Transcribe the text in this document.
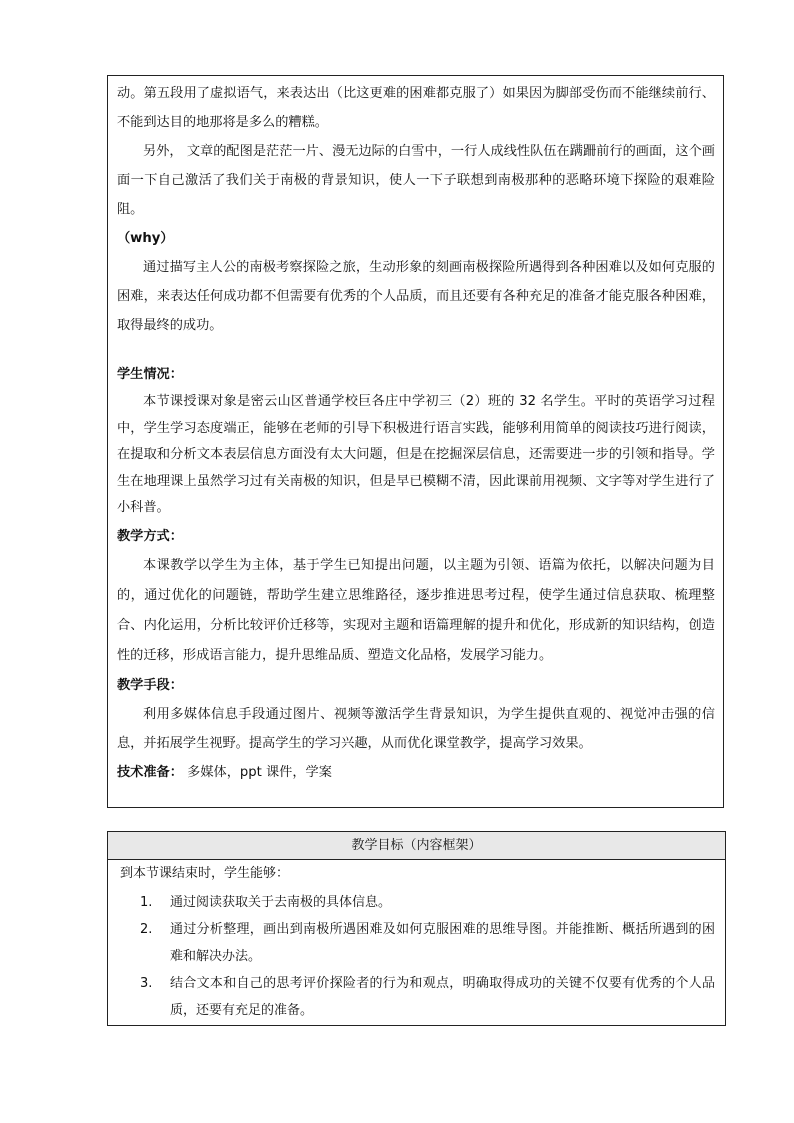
动。第五段用了虚拟语气，来表达出（比这更难的困难都克服了）如果因为脚部受伤而不能继续前行、不能到达目的地那将是多么的糟糕。

另外， 文章的配图是茫茫一片、漫无边际的白雪中，一行人成线性队伍在蹒跚前行的画面，这个画面一下自己激活了我们关于南极的背景知识，使人一下子联想到南极那种的恶略环境下探险的艰难险阻。

（why）

通过描写主人公的南极考察探险之旅，生动形象的刻画南极探险所遇得到各种困难以及如何克服的困难，来表达任何成功都不但需要有优秀的个人品质，而且还要有各种充足的准备才能克服各种困难，取得最终的成功。

学生情况：

本节课授课对象是密云山区普通学校巨各庄中学初三（2）班的 32 名学生。平时的英语学习过程中，学生学习态度端正，能够在老师的引导下积极进行语言实践，能够利用简单的阅读技巧进行阅读，在提取和分析文本表层信息方面没有太大问题，但是在挖掘深层信息，还需要进一步的引领和指导。学生在地理课上虽然学习过有关南极的知识，但是早已模糊不清，因此课前用视频、文字等对学生进行了小科普。

教学方式：

本课教学以学生为主体，基于学生已知提出问题，以主题为引领、语篇为依托，以解决问题为目的，通过优化的问题链，帮助学生建立思维路径，逐步推进思考过程，使学生通过信息获取、梳理整合、内化运用，分析比较评价迁移等，实现对主题和语篇理解的提升和优化，形成新的知识结构，创造性的迁移，形成语言能力，提升思维品质、塑造文化品格，发展学习能力。

教学手段：

利用多媒体信息手段通过图片、视频等激活学生背景知识，为学生提供直观的、视觉冲击强的信息，并拓展学生视野。提高学生的学习兴趣，从而优化课堂教学，提高学习效果。

技术准备： 多媒体，ppt 课件，学案

教学目标（内容框架）

到本节课结束时，学生能够：

1.	通过阅读获取关于去南极的具体信息。
2.	通过分析整理，画出到南极所遇困难及如何克服困难的思维导图。并能推断、概括所遇到的困难和解决办法。
3.	结合文本和自己的思考评价探险者的行为和观点，明确取得成功的关键不仅要有优秀的个人品质，还要有充足的准备。
